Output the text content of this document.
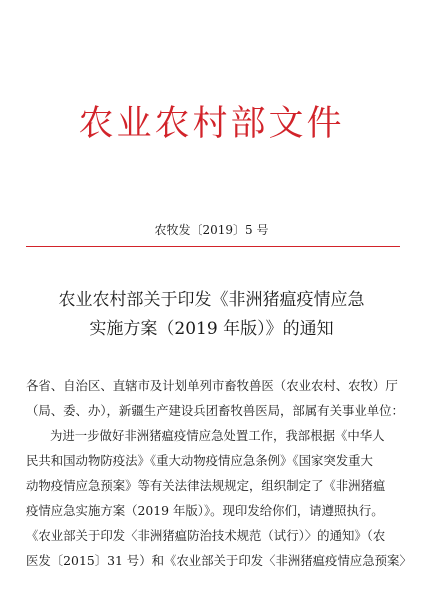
农业农村部文件
农牧发〔2019〕5 号
农业农村部关于印发《非洲猪瘟疫情应急
实施方案（2019 年版）》的通知
各省、自治区、直辖市及计划单列市畜牧兽医（农业农村、农牧）厅
（局、委、办），新疆生产建设兵团畜牧兽医局，部属有关事业单位：
为进一步做好非洲猪瘟疫情应急处置工作，我部根据《中华人
民共和国动物防疫法》《重大动物疫情应急条例》《国家突发重大
动物疫情应急预案》等有关法律法规规定，组织制定了《非洲猪瘟
疫情应急实施方案（2019 年版）》。现印发给你们，请遵照执行。
《农业部关于印发〈非洲猪瘟防治技术规范（试行）〉的通知》（农
医发〔2015〕31 号）和《农业部关于印发〈非洲猪瘟疫情应急预案〉
